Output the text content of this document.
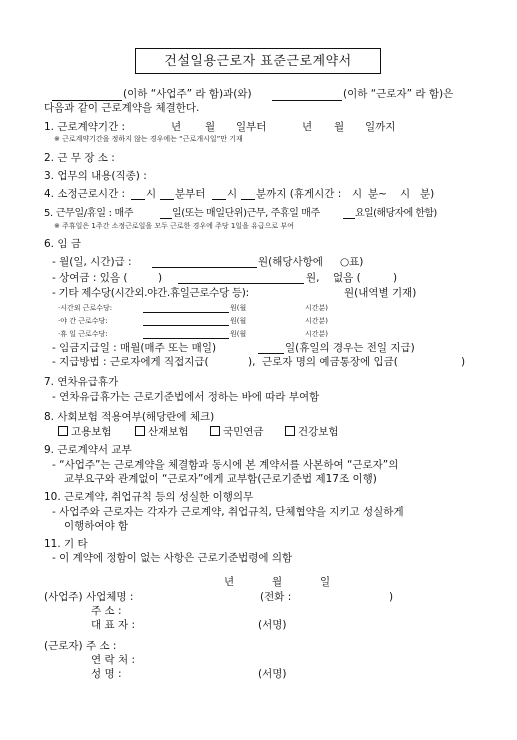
건설일용근로자 표준근로계약서
(이하 “사업주” 라 함)과(와)	(이하 “근로자” 라 함)은
다음과 같이 근로계약을 체결한다.
1. 근로계약기간 :	년 월 일부터	년 월 일까지
※ 근로계약기간을 정하지 않는 경우에는 “근로개시일”만 기재
2. 근 무 장 소 :
3. 업무의 내용(직종) :
4. 소정근로시간 : 시 분부터 시 분까지 (휴게시간 : 시 분~ 시 분)
5. 근무일/휴일 : 매주	일(또는 매일단위)근무, 주휴일 매주	요일(해당자에 한함)
※ 주휴일은 1주간 소정근로일을 모두 근로한 경우에 주당 1일을 유급으로 부여
6. 임 금
- 월(일, 시간)급 :	원(해당사항에 ○표)
- 상여금 : 있음 (	)	원, 없음 (	)
- 기타 제수당(시간외.야간.휴일근로수당 등):	원(내역별 기재)
·시간외 근로수당:	원(월	시간분)
·야 간 근로수당:	원(월	시간분)
·휴 일 근로수당:	원(월	시간분)
- 임금지급일 : 매월(매주 또는 매일)	일(휴일의 경우는 전일 지급)
- 지급방법 : 근로자에게 직접지급(	), 근로자 명의 예금통장에 입금(	)
7. 연차유급휴가
- 연차유급휴가는 근로기준법에서 정하는 바에 따라 부여함
8. 사회보험 적용여부(해당란에 체크)
고용보험	산재보험	국민연금	건강보험
9. 근로계약서 교부
- “사업주”는 근로계약을 체결함과 동시에 본 계약서를 사본하여 “근로자”의
교부요구와 관계없이 “근로자”에게 교부함(근로기준법 제17조 이행)
10. 근로계약, 취업규칙 등의 성실한 이행의무
- 사업주와 근로자는 각자가 근로계약, 취업규칙, 단체협약을 지키고 성실하게
이행하여야 함
11. 기 타
- 이 계약에 정함이 없는 사항은 근로기준법령에 의함
년	월	일
(사업주) 사업체명 :	(전화 :	)
주 소 :
대 표 자 :	(서명)
(근로자) 주 소 :
연 락 처 :
성 명 :	(서명)
